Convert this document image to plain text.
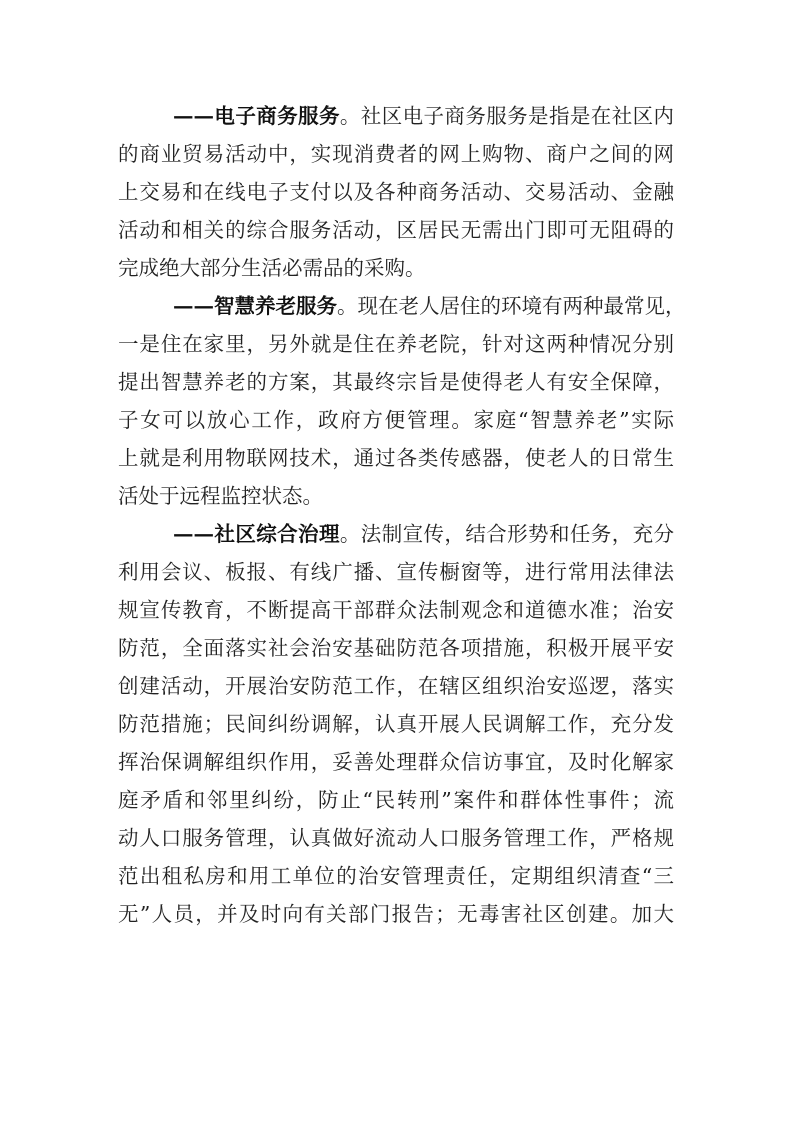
——电子商务服务。社区电子商务服务是指是在社区内
的商业贸易活动中，实现消费者的网上购物、商户之间的网
上交易和在线电子支付以及各种商务活动、交易活动、金融
活动和相关的综合服务活动，区居民无需出门即可无阻碍的
完成绝大部分生活必需品的采购。
——智慧养老服务。现在老人居住的环境有两种最常见，
一是住在家里，另外就是住在养老院，针对这两种情况分别
提出智慧养老的方案，其最终宗旨是使得老人有安全保障，
子女可以放心工作，政府方便管理。家庭“智慧养老”实际
上就是利用物联网技术，通过各类传感器，使老人的日常生
活处于远程监控状态。
——社区综合治理。法制宣传，结合形势和任务，充分
利用会议、板报、有线广播、宣传橱窗等，进行常用法律法
规宣传教育，不断提高干部群众法制观念和道德水准；治安
防范，全面落实社会治安基础防范各项措施，积极开展平安
创建活动，开展治安防范工作，在辖区组织治安巡逻，落实
防范措施；民间纠纷调解，认真开展人民调解工作，充分发
挥治保调解组织作用，妥善处理群众信访事宜，及时化解家
庭矛盾和邻里纠纷，防止“民转刑”案件和群体性事件；流
动人口服务管理，认真做好流动人口服务管理工作，严格规
范出租私房和用工单位的治安管理责任，定期组织清查“三
无”人员，并及时向有关部门报告；无毒害社区创建。加大
